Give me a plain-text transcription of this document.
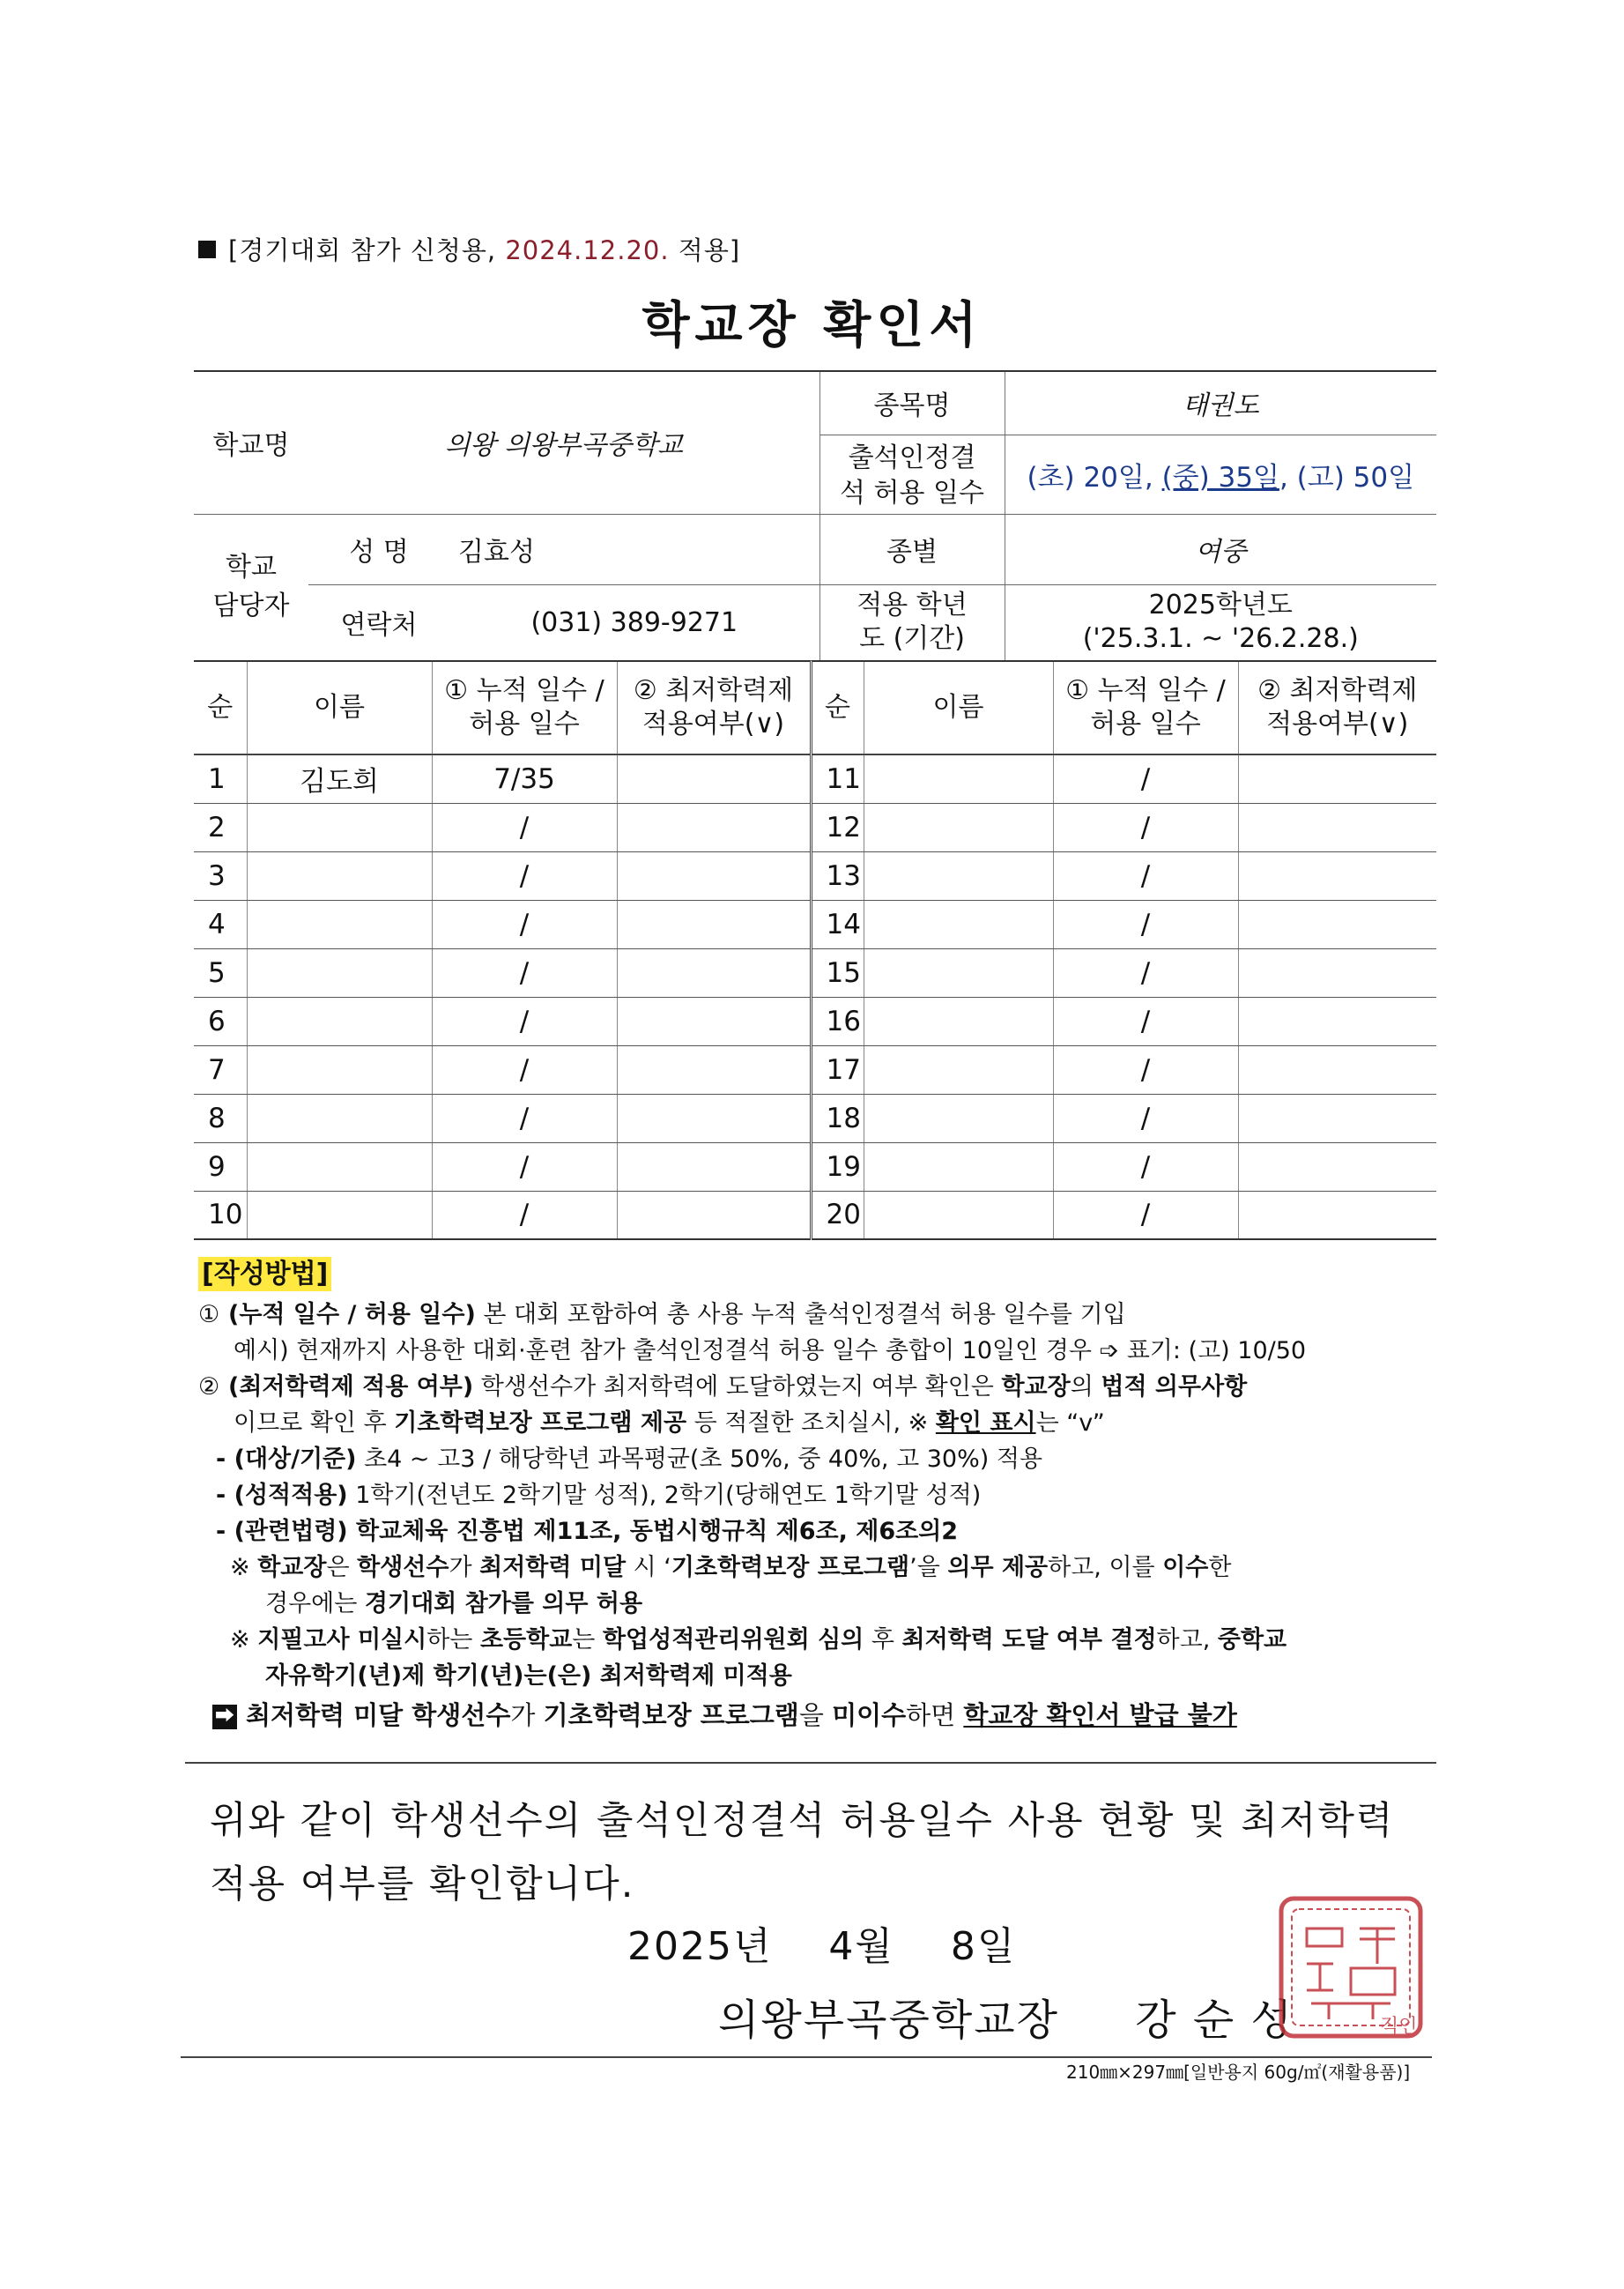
[경기대회 참가 신청용, 2024.12.20. 적용]
학교장 확인서
학교명	의왕 의왕부곡중학교		종목명	태권도
			출석인정결석 허용 일수	(초) 20일, (중) 35일, (고) 50일
학교 담당자	성 명	김효성	종별	여중
	연락처	(031) 389-9271	적용 학년도 (기간)	2025학년도
('25.3.1. ~ '26.2.28.)
순	이름	① 누적 일수 / 허용 일수	② 최저학력제 적용여부(∨)	순	이름	① 누적 일수 / 허용 일수	② 최저학력제 적용여부(∨)
1	김도희	7/35		11		/	
2		/		12		/	
3		/		13		/	
4		/		14		/	
5		/		15		/	
6		/		16		/	
7		/		17		/	
8		/		18		/	
9		/		19		/	
10		/		20		/	

[작성방법]

① (누적 일수 / 허용 일수) 본 대회 포함하여 총 사용 누적 출석인정결석 허용 일수를 기입

예시) 현재까지 사용한 대회·훈련 참가 출석인정결석 허용 일수 총합이 10일인 경우 ➩ 표기: (고) 10/50

② (최저학력제 적용 여부) 학생선수가 최저학력에 도달하였는지 여부 확인은 학교장의 법적 의무사항

이므로 확인 후 기초학력보장 프로그램 제공 등 적절한 조치실시, ※ 확인 표시는 “v”

- (대상/기준) 초4 ~ 고3 / 해당학년 과목평균(초 50%, 중 40%, 고 30%) 적용

- (성적적용) 1학기(전년도 2학기말 성적), 2학기(당해연도 1학기말 성적)

- (관련법령) 학교체육 진흥법 제11조, 동법시행규칙 제6조, 제6조의2

※ 학교장은 학생선수가 최저학력 미달 시 ‘기초학력보장 프로그램’을 의무 제공하고, 이를 이수한

경우에는 경기대회 참가를 의무 허용

※ 지필고사 미실시하는 초등학교는 학업성적관리위원회 심의 후 최저학력 도달 여부 결정하고, 중학교

자유학기(년)제 학기(년)는(은) 최저학력제 미적용

⮕ 최저학력 미달 학생선수가 기초학력보장 프로그램을 미이수하면 학교장 확인서 발급 불가

위와 같이 학생선수의 출석인정결석 허용일수 사용 현황 및 최저학력
적용 여부를 확인합니다.
2025년    4월    8일
의왕부곡중학교장     강 순 성	직인
210㎜×297㎜[일반용지 60g/㎡(재활용품)]
